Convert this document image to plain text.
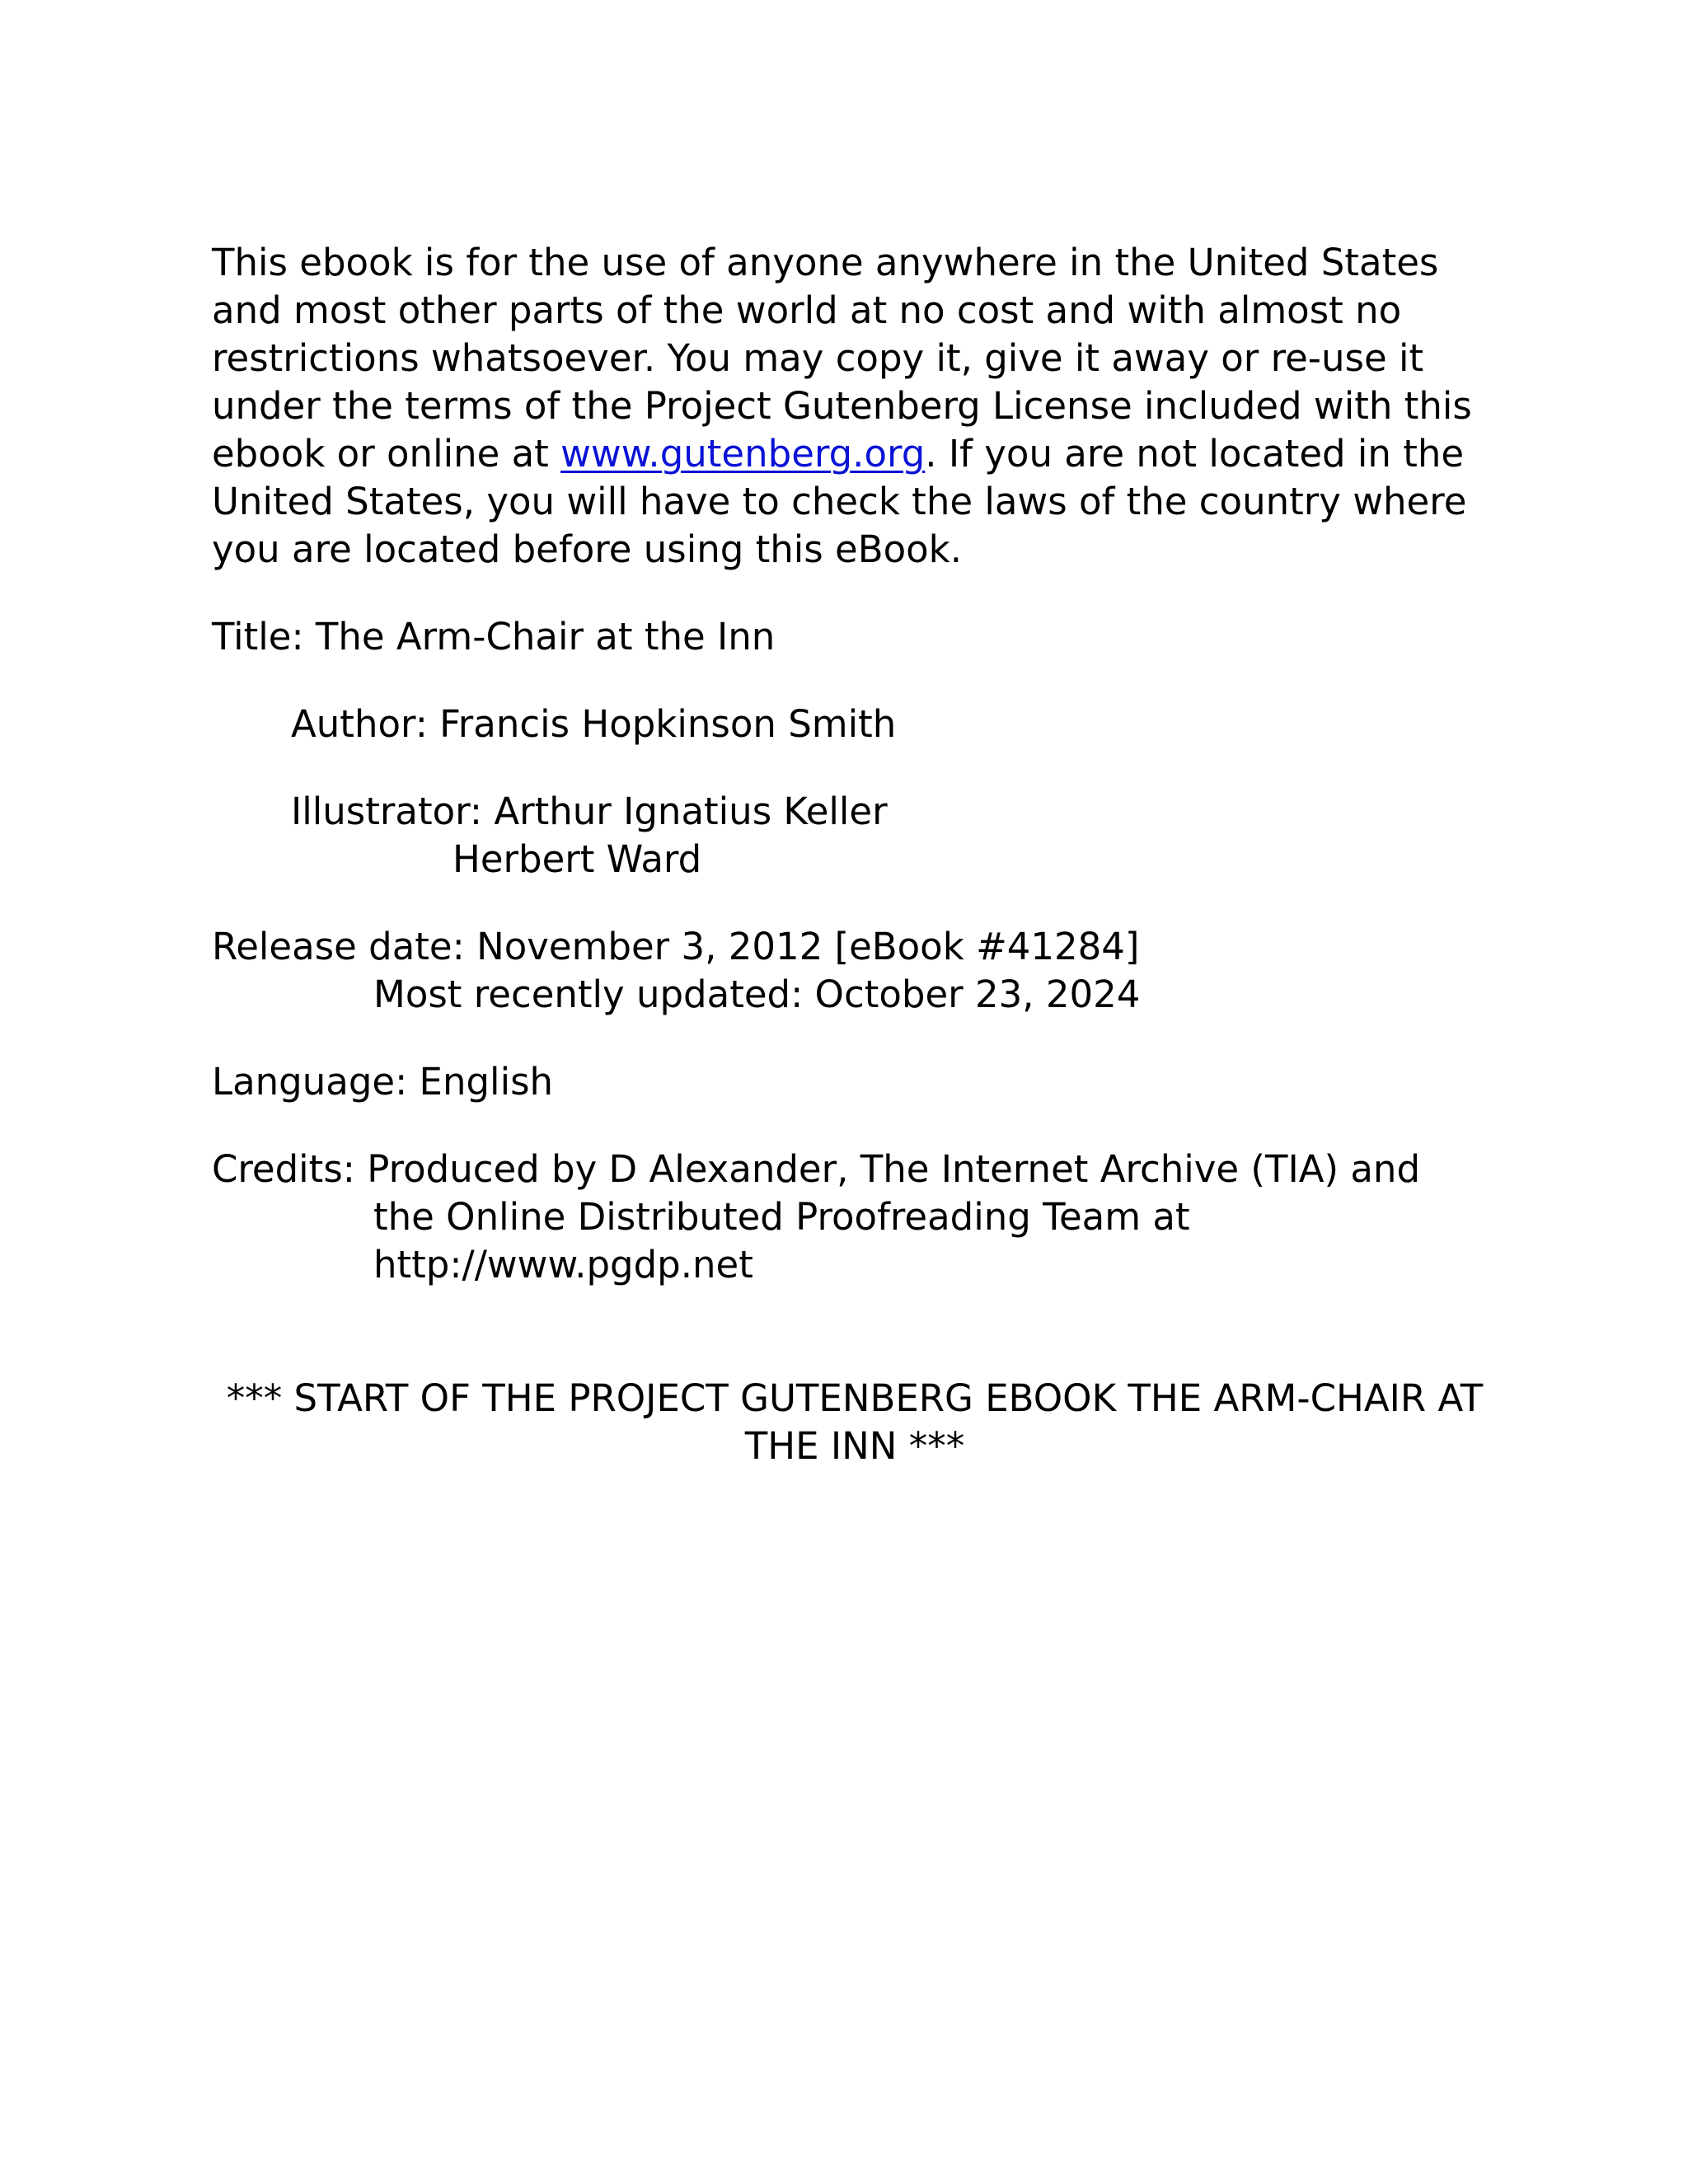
This ebook is for the use of anyone anywhere in the United States and most other parts of the world at no cost and with almost no restrictions whatsoever. You may copy it, give it away or re-use it under the terms of the Project Gutenberg License included with this ebook or online at www.gutenberg.org. If you are not located in the United States, you will have to check the laws of the country where you are located before using this eBook.

Title: The Arm-Chair at the Inn

Author: Francis Hopkinson Smith

Illustrator: Arthur Ignatius Keller
Herbert Ward
Release date: November 3, 2012 [eBook #41284]
Most recently updated: October 23, 2024

Language: English

Credits: Produced by D Alexander, The Internet Archive (TIA) and
the Online Distributed Proofreading Team at
http://www.pgdp.net
*** START OF THE PROJECT GUTENBERG EBOOK THE ARM-CHAIR AT
THE INN ***
